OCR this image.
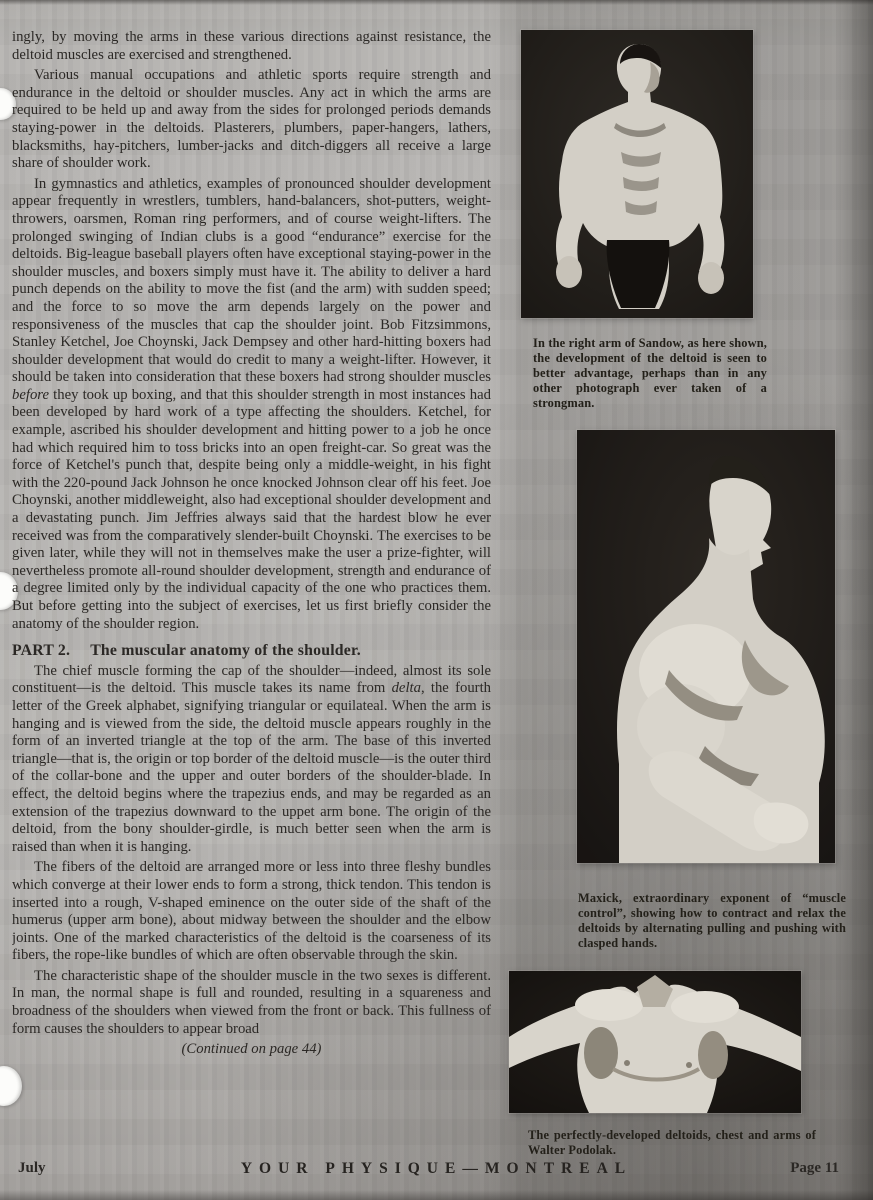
ingly, by moving the arms in these various directions against resistance, the deltoid muscles are exercised and strengthened.

Various manual occupations and athletic sports require strength and endurance in the deltoid or shoulder muscles. Any act in which the arms are required to be held up and away from the sides for prolonged periods demands staying-power in the deltoids. Plasterers, plumbers, paper-hangers, lathers, blacksmiths, hay-pitchers, lumber-jacks and ditch-diggers all receive a large share of shoulder work.

In gymnastics and athletics, examples of pronounced shoulder development appear frequently in wrestlers, tumblers, hand-balancers, shot-putters, weight-throwers, oarsmen, Roman ring performers, and of course weight-lifters. The prolonged swinging of Indian clubs is a good “endurance” exercise for the deltoids. Big-league baseball players often have exceptional staying-power in the shoulder muscles, and boxers simply must have it. The ability to deliver a hard punch depends on the ability to move the fist (and the arm) with sudden speed; and the force to so move the arm depends largely on the power and responsiveness of the muscles that cap the shoulder joint. Bob Fitzsimmons, Stanley Ketchel, Joe Choynski, Jack Dempsey and other hard-hitting boxers had shoulder development that would do credit to many a weight-lifter. However, it should be taken into consideration that these boxers had strong shoulder muscles before they took up boxing, and that this shoulder strength in most instances had been developed by hard work of a type affecting the shoulders. Ketchel, for example, ascribed his shoulder development and hitting power to a job he once had which required him to toss bricks into an open freight-car. So great was the force of Ketchel's punch that, despite being only a middle-weight, in his fight with the 220-pound Jack Johnson he once knocked Johnson clear off his feet. Joe Choynski, another middleweight, also had exceptional shoulder development and a devastating punch. Jim Jeffries always said that the hardest blow he ever received was from the comparatively slender-built Choynski. The exercises to be given later, while they will not in themselves make the user a prize-fighter, will nevertheless promote all-round shoulder development, strength and endurance of a degree limited only by the individual capacity of the one who practices them. But before getting into the subject of exercises, let us first briefly consider the anatomy of the shoulder region.

PART 2. The muscular anatomy of the shoulder.

The chief muscle forming the cap of the shoulder—indeed, almost its sole constituent—is the deltoid. This muscle takes its name from delta, the fourth letter of the Greek alphabet, signifying triangular or equilateal. When the arm is hanging and is viewed from the side, the deltoid muscle appears roughly in the form of an inverted triangle at the top of the arm. The base of this inverted triangle—that is, the origin or top border of the deltoid muscle—is the outer third of the collar-bone and the upper and outer borders of the shoulder-blade. In effect, the deltoid begins where the trapezius ends, and may be regarded as an extension of the trapezius downward to the uppet arm bone. The origin of the deltoid, from the bony shoulder-girdle, is much better seen when the arm is raised than when it is hanging.

The fibers of the deltoid are arranged more or less into three fleshy bundles which converge at their lower ends to form a strong, thick tendon. This tendon is inserted into a rough, V-shaped eminence on the outer side of the shaft of the humerus (upper arm bone), about midway between the shoulder and the elbow joints. One of the marked characteristics of the deltoid is the coarseness of its fibers, the rope-like bundles of which are often observable through the skin.

The characteristic shape of the shoulder muscle in the two sexes is different. In man, the normal shape is full and rounded, resulting in a squareness and broadness of the shoulders when viewed from the front or back. This fullness of form causes the shoulders to appear broad

(Continued on page 44)

In the right arm of Sandow, as here shown, the development of the deltoid is seen to better advantage, perhaps than in any other photograph ever taken of a strongman.
Maxick, extraordinary exponent of “muscle control”, showing how to contract and relax the deltoids by alternating pulling and pushing with clasped hands.
The perfectly-developed deltoids, chest and arms of Walter Podolak.
July	YOUR PHYSIQUE—MONTREAL	Page 11
